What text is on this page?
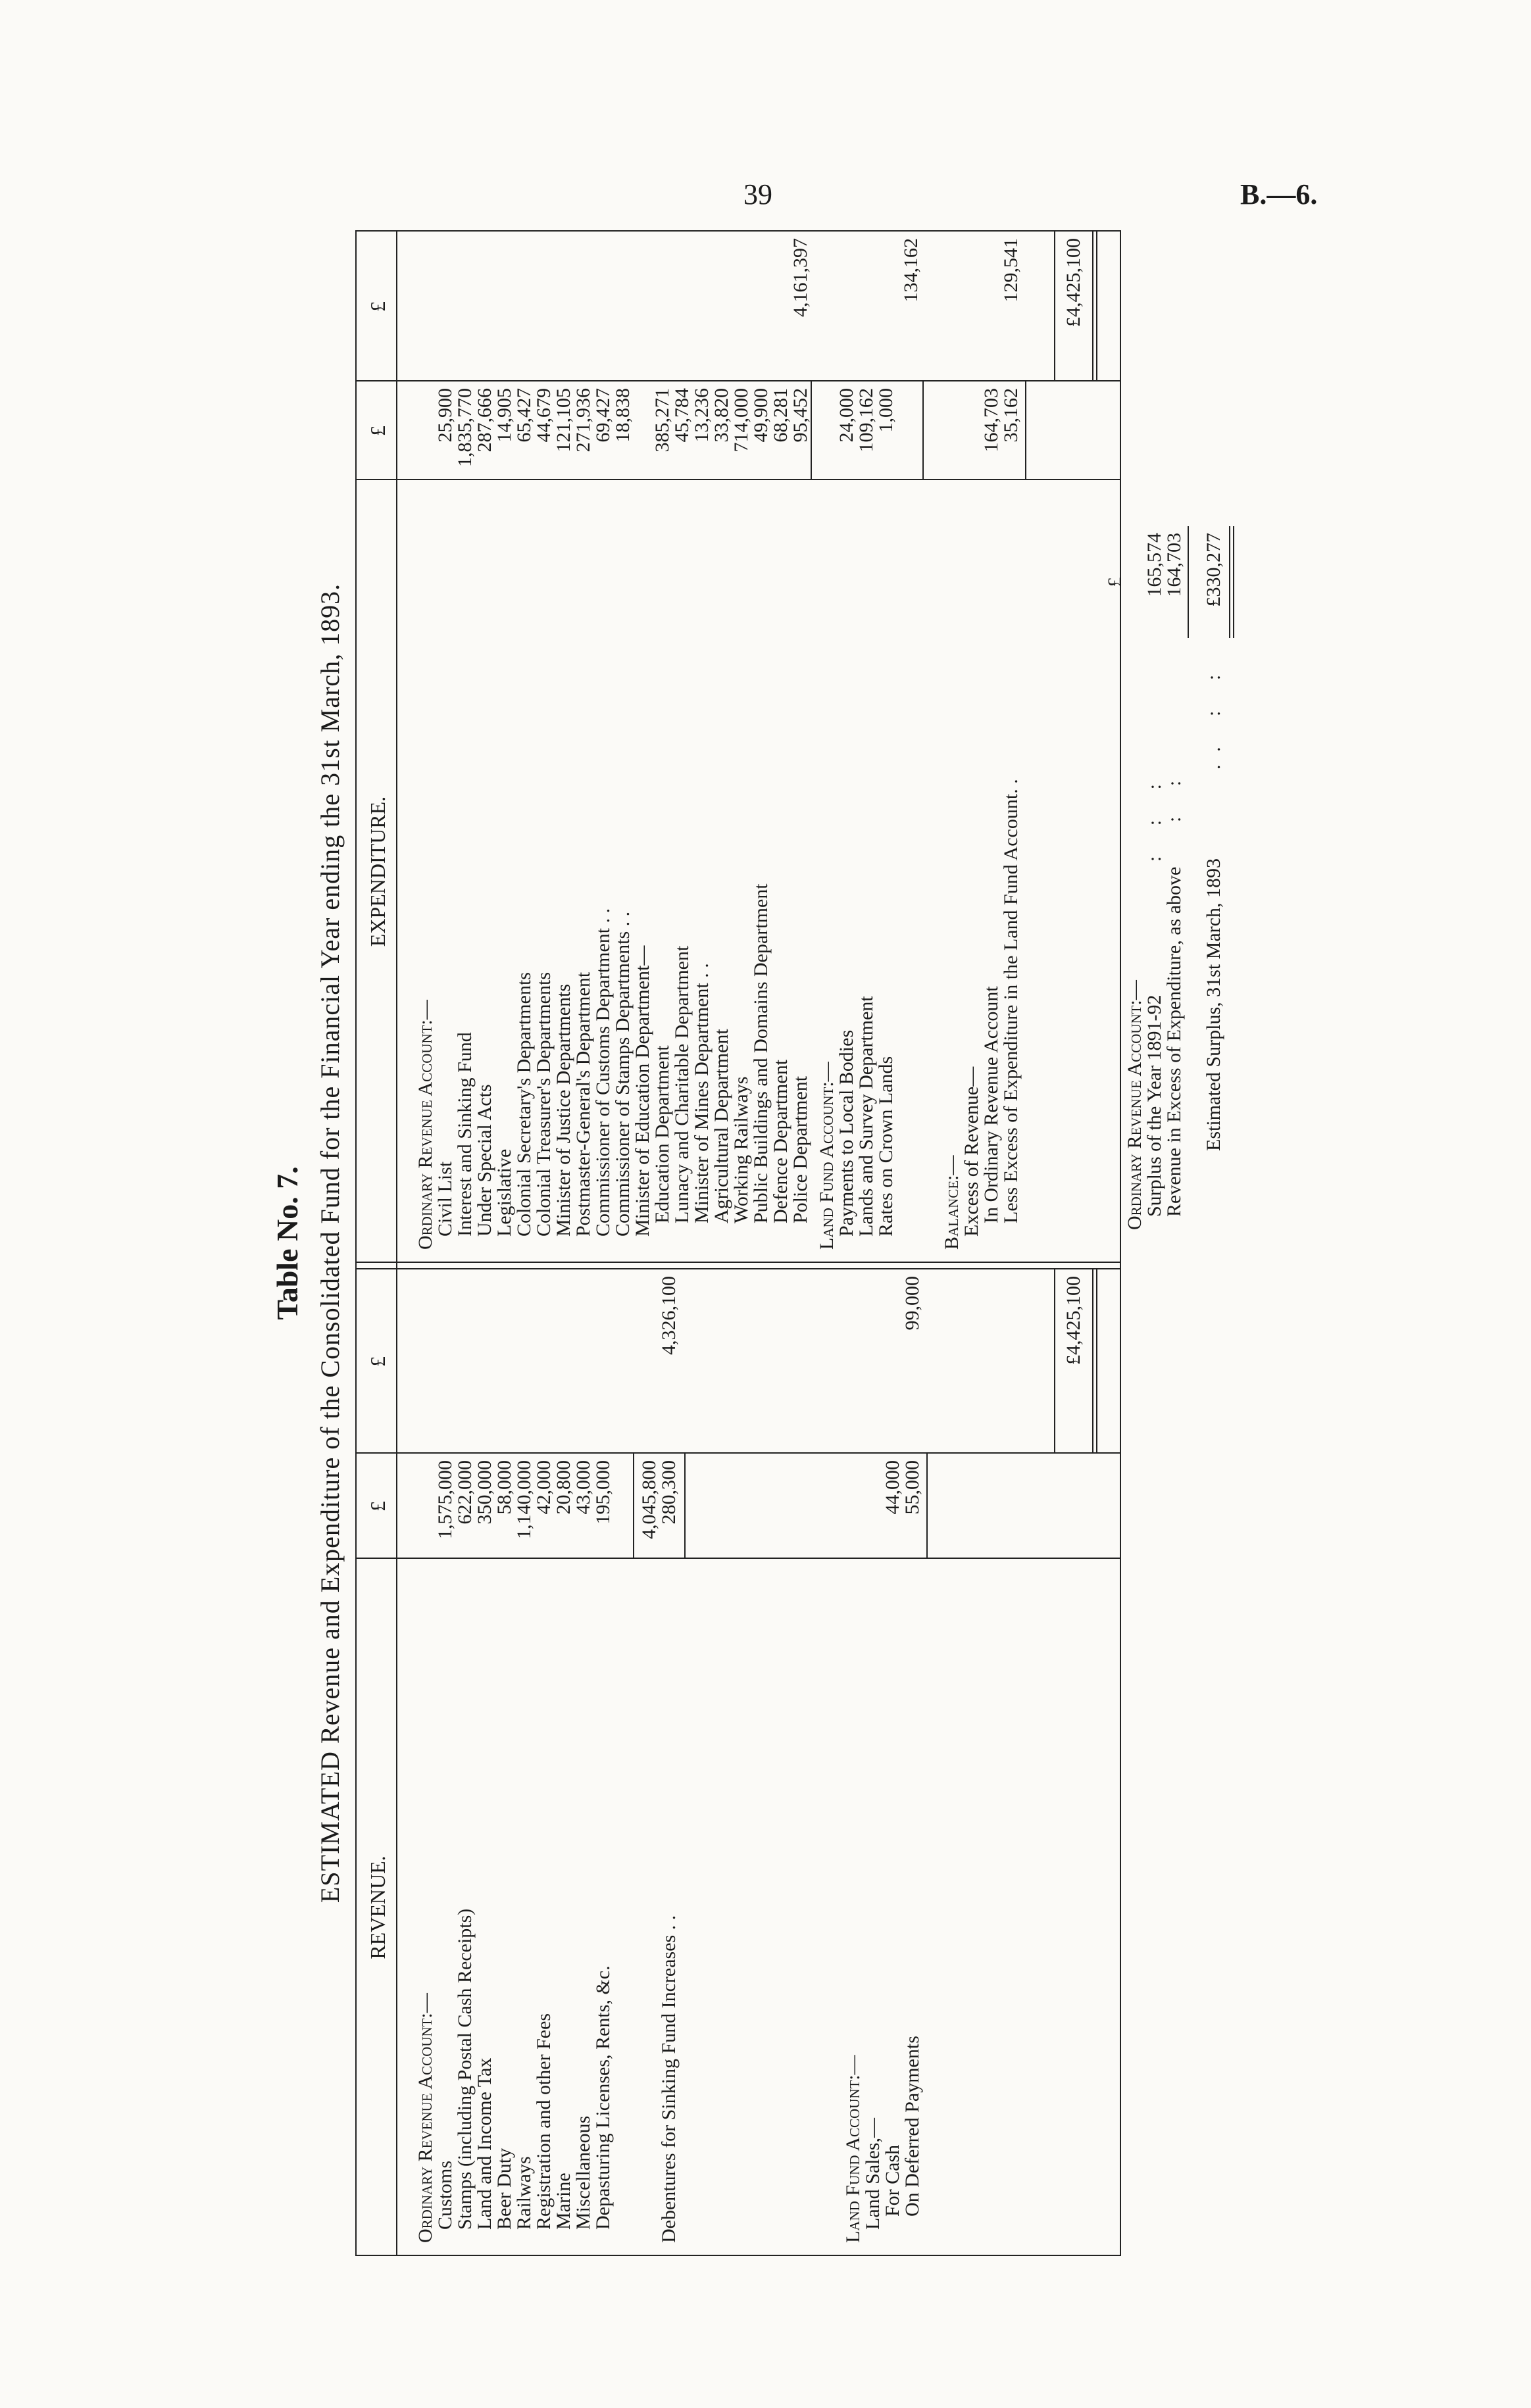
39	B.—6.
Table No. 7. ESTIMATED Revenue and Expenditure of the Consolidated Fund for the Financial Year ending the 31st March, 1893.
REVENUE.
£
£
EXPENDITURE.
£
£
Ordinary Revenue Account:—
Customs
1,575,000
Stamps (including Postal Cash Receipts)
622,000
Land and Income Tax
350,000
Beer Duty
58,000
Railways
1,140,000
Registration and other Fees
42,000
Marine
20,800
Miscellaneous
43,000
Depasturing Licenses, Rents, &c.
195,000 4,045,800
Debentures for Sinking Fund Increases . .
280,300
4,326,100
Land Fund Account:—
Land Sales,—
For Cash
44,000
On Deferred Payments
55,000
99,000	£4,425,100
Ordinary Revenue Account:—
Civil List
25,900
Interest and Sinking Fund
1,835,770
Under Special Acts
287,666
Legislative
14,905
Colonial Secretary's Departments
65,427
Colonial Treasurer's Departments
44,679
Minister of Justice Departments
121,105
Postmaster-General's Department
271,936
Commissioner of Customs Department . .
69,427
Commissioner of Stamps Departments . .
18,838
Minister of Education Department—
Education Department
385,271
Lunacy and Charitable Department
45,784
Minister of Mines Department . .
13,236
Agricultural Department
33,820
Working Railways
714,000
Public Buildings and Domains Department
49,900
Defence Department
68,281
Police Department
95,452
4,161,397
Land Fund Account:—
Payments to Local Bodies
24,000
Lands and Survey Department
109,162
Rates on Crown Lands
1,000
134,162
Balance:—
Excess of Revenue—
In Ordinary Revenue Account
164,703
Less Excess of Expenditure in the Land Fund Account. .
35,162
129,541 £4,425,100
Ordinary Revenue Account:—
£
Surplus of the Year 1891-92
:   :   :
165,574
Revenue in Excess of Expenditure, as above
:   :
164,703
Estimated Surplus, 31st March, 1893
. .   :   :
£330,277
